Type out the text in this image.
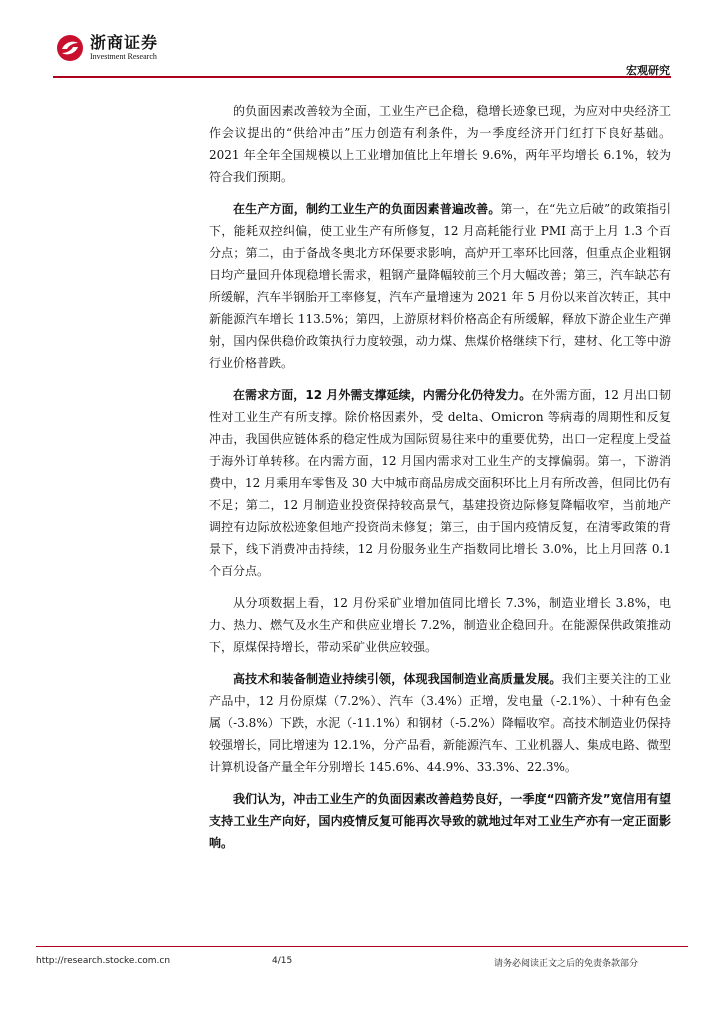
浙商证券
Investment Research
宏观研究

的负面因素改善较为全面，工业生产已企稳，稳增长迹象已现，为应对中央经济工作会议提出的“供给冲击”压力创造有利条件，为一季度经济开门红打下良好基础。2021 年全年全国规模以上工业增加值比上年增长 9.6%，两年平均增长 6.1%，较为符合我们预期。

在生产方面，制约工业生产的负面因素普遍改善。第一，在“先立后破”的政策指引下，能耗双控纠偏，使工业生产有所修复，12 月高耗能行业 PMI 高于上月 1.3 个百分点；第二，由于备战冬奥北方环保要求影响，高炉开工率环比回落，但重点企业粗钢日均产量回升体现稳增长需求，粗钢产量降幅较前三个月大幅改善；第三，汽车缺芯有所缓解，汽车半钢胎开工率修复，汽车产量增速为 2021 年 5 月份以来首次转正，其中新能源汽车增长 113.5%；第四，上游原材料价格高企有所缓解，释放下游企业生产弹射，国内保供稳价政策执行力度较强，动力煤、焦煤价格继续下行，建材、化工等中游行业价格普跌。

在需求方面，12 月外需支撑延续，内需分化仍待发力。在外需方面，12 月出口韧性对工业生产有所支撑。除价格因素外，受 delta、Omicron 等病毒的周期性和反复冲击，我国供应链体系的稳定性成为国际贸易往来中的重要优势，出口一定程度上受益于海外订单转移。在内需方面，12 月国内需求对工业生产的支撑偏弱。第一，下游消费中，12 月乘用车零售及 30 大中城市商品房成交面积环比上月有所改善，但同比仍有不足；第二，12 月制造业投资保持较高景气，基建投资边际修复降幅收窄，当前地产调控有边际放松迹象但地产投资尚未修复；第三，由于国内疫情反复，在清零政策的背景下，线下消费冲击持续，12 月份服务业生产指数同比增长 3.0%，比上月回落 0.1 个百分点。

从分项数据上看，12 月份采矿业增加值同比增长 7.3%，制造业增长 3.8%，电力、热力、燃气及水生产和供应业增长 7.2%，制造业企稳回升。在能源保供政策推动下，原煤保持增长，带动采矿业供应较强。

高技术和装备制造业持续引领，体现我国制造业高质量发展。我们主要关注的工业产品中，12 月份原煤（7.2%）、汽车（3.4%）正增，发电量（-2.1%）、十种有色金属（-3.8%）下跌，水泥（-11.1%）和钢材（-5.2%）降幅收窄。高技术制造业仍保持较强增长，同比增速为 12.1%，分产品看，新能源汽车、工业机器人、集成电路、微型计算机设备产量全年分别增长 145.6%、44.9%、33.3%、22.3%。

我们认为，冲击工业生产的负面因素改善趋势良好，一季度“四箭齐发”宽信用有望支持工业生产向好，国内疫情反复可能再次导致的就地过年对工业生产亦有一定正面影响。

http://research.stocke.com.cn	4/15	请务必阅读正文之后的免责条款部分
